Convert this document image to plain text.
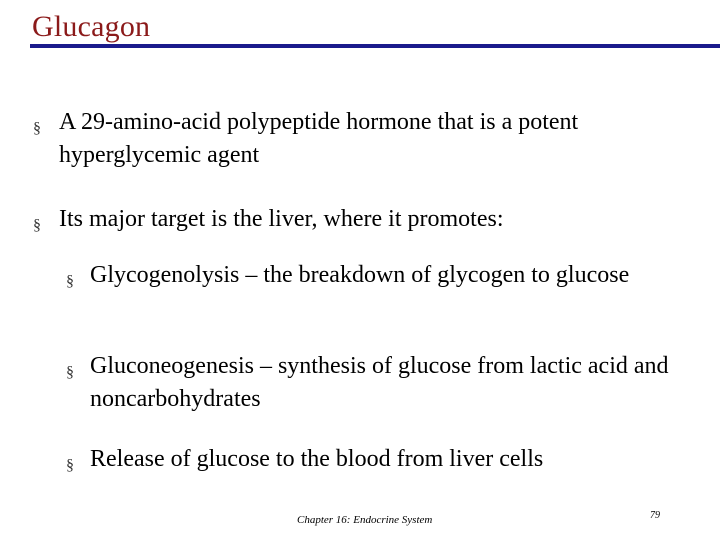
Glucagon
§ A 29-amino-acid polypeptide hormone that is a potent hyperglycemic agent
§ Its major target is the liver, where it promotes:
§ Glycogenolysis – the breakdown of glycogen to glucose
§ Gluconeogenesis – synthesis of glucose from lactic acid and noncarbohydrates
§ Release of glucose to the blood from liver cells
Chapter 16: Endocrine System	79
